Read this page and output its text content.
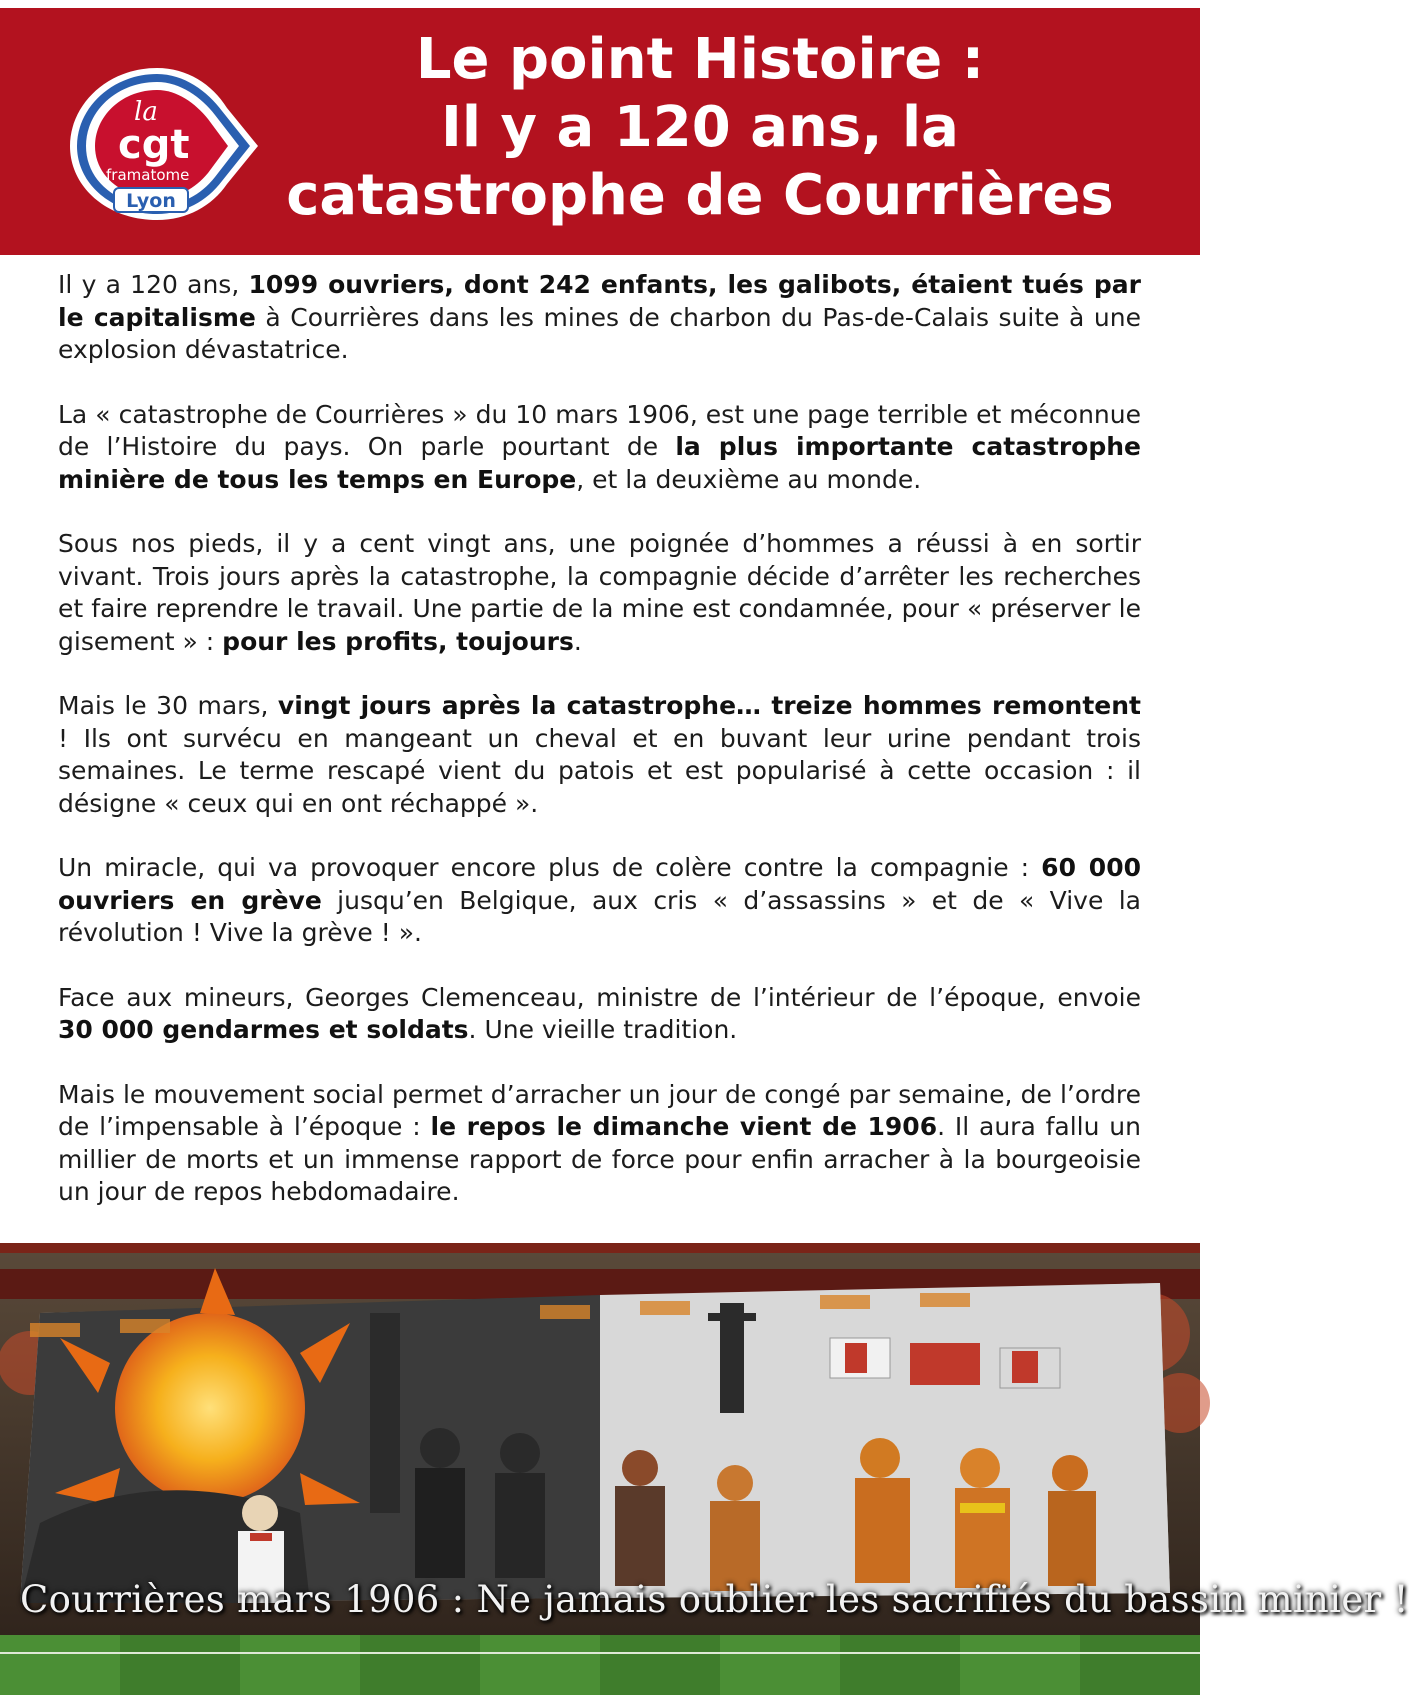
la
cgt
framatome
Lyon
Le point Histoire :
Il y a 120 ans, la
catastrophe de Courrières

Il y a 120 ans, 1099 ouvriers, dont 242 enfants, les galibots, étaient tués par le capitalisme à Courrières dans les mines de charbon du Pas-de-Calais suite à une explosion dévastatrice.

La « catastrophe de Courrières » du 10 mars 1906, est une page terrible et méconnue de l’Histoire du pays. On parle pourtant de la plus importante catastrophe minière de tous les temps en Europe, et la deuxième au monde.

Sous nos pieds, il y a cent vingt ans, une poignée d’hommes a réussi à en sortir vivant. Trois jours après la catastrophe, la compagnie décide d’arrêter les recherches et faire reprendre le travail. Une partie de la mine est condamnée, pour « préserver le gisement » : pour les profits, toujours.

Mais le 30 mars, vingt jours après la catastrophe… treize hommes remontent ! Ils ont survécu en mangeant un cheval et en buvant leur urine pendant trois semaines. Le terme rescapé vient du patois et est popularisé à cette occasion : il désigne « ceux qui en ont réchappé ».

Un miracle, qui va provoquer encore plus de colère contre la compagnie : 60 000 ouvriers en grève jusqu’en Belgique, aux cris « d’assassins » et de « Vive la révolution ! Vive la grève ! ».

Face aux mineurs, Georges Clemenceau, ministre de l’intérieur de l’époque, envoie 30 000 gendarmes et soldats. Une vieille tradition.

Mais le mouvement social permet d’arracher un jour de congé par semaine, de l’ordre de l’impensable à l’époque : le repos le dimanche vient de 1906. Il aura fallu un millier de morts et un immense rapport de force pour enfin arracher à la bourgeoisie un jour de repos hebdomadaire.

Courrières mars 1906 : Ne jamais oublier les sacrifiés du bassin minier !
